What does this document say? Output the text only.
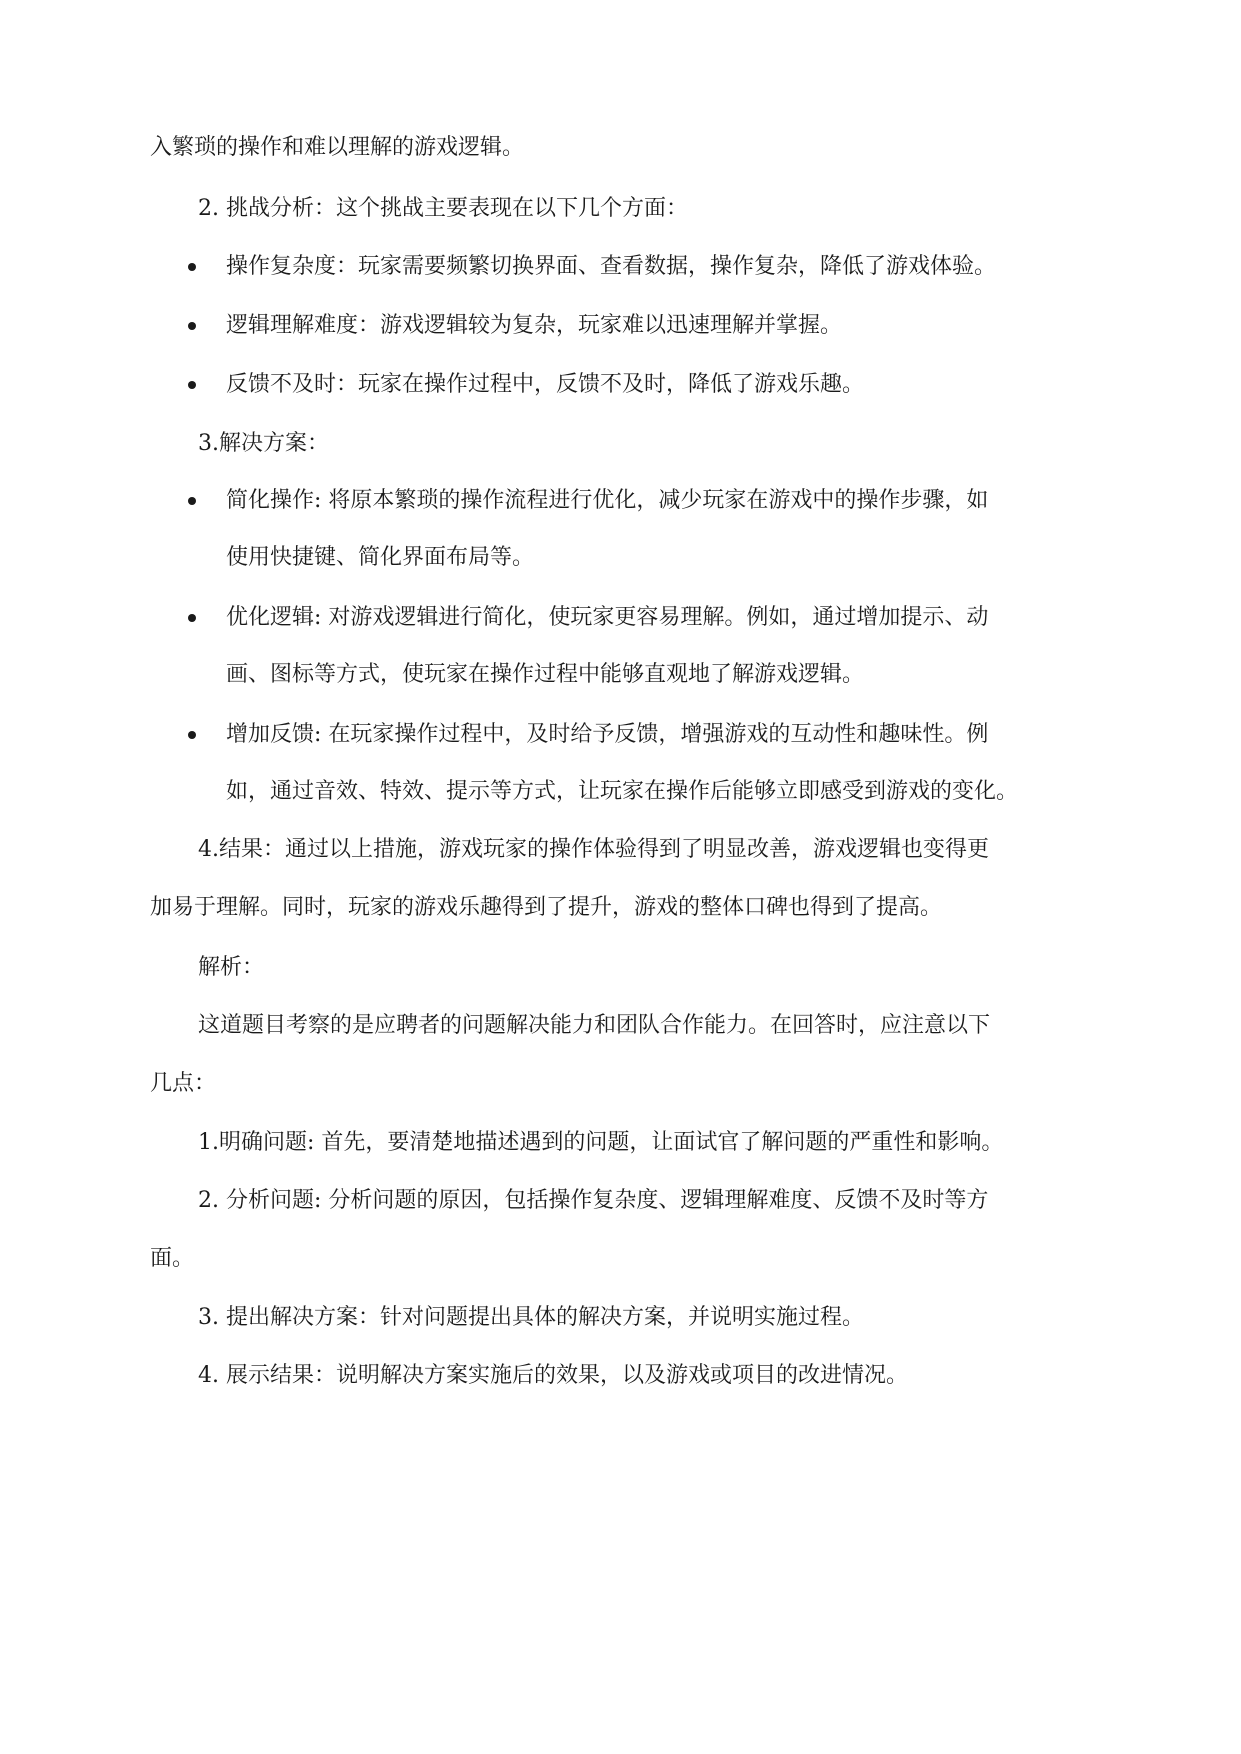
入繁琐的操作和难以理解的游戏逻辑。
2. 挑战分析：这个挑战主要表现在以下几个方面：
操作复杂度：玩家需要频繁切换界面、查看数据，操作复杂，降低了游戏体验。
逻辑理解难度：游戏逻辑较为复杂，玩家难以迅速理解并掌握。
反馈不及时：玩家在操作过程中，反馈不及时，降低了游戏乐趣。
3.解决方案：
简化操作: 将原本繁琐的操作流程进行优化，减少玩家在游戏中的操作步骤，如
使用快捷键、简化界面布局等。
优化逻辑: 对游戏逻辑进行简化，使玩家更容易理解。例如，通过增加提示、动
画、图标等方式，使玩家在操作过程中能够直观地了解游戏逻辑。
增加反馈: 在玩家操作过程中，及时给予反馈，增强游戏的互动性和趣味性。例
如，通过音效、特效、提示等方式，让玩家在操作后能够立即感受到游戏的变化。
4.结果：通过以上措施，游戏玩家的操作体验得到了明显改善，游戏逻辑也变得更
加易于理解。同时，玩家的游戏乐趣得到了提升，游戏的整体口碑也得到了提高。
解析：
这道题目考察的是应聘者的问题解决能力和团队合作能力。在回答时，应注意以下
几点：
1.明确问题: 首先，要清楚地描述遇到的问题，让面试官了解问题的严重性和影响。
2. 分析问题: 分析问题的原因，包括操作复杂度、逻辑理解难度、反馈不及时等方
面。
3. 提出解决方案：针对问题提出具体的解决方案，并说明实施过程。
4. 展示结果：说明解决方案实施后的效果，以及游戏或项目的改进情况。
